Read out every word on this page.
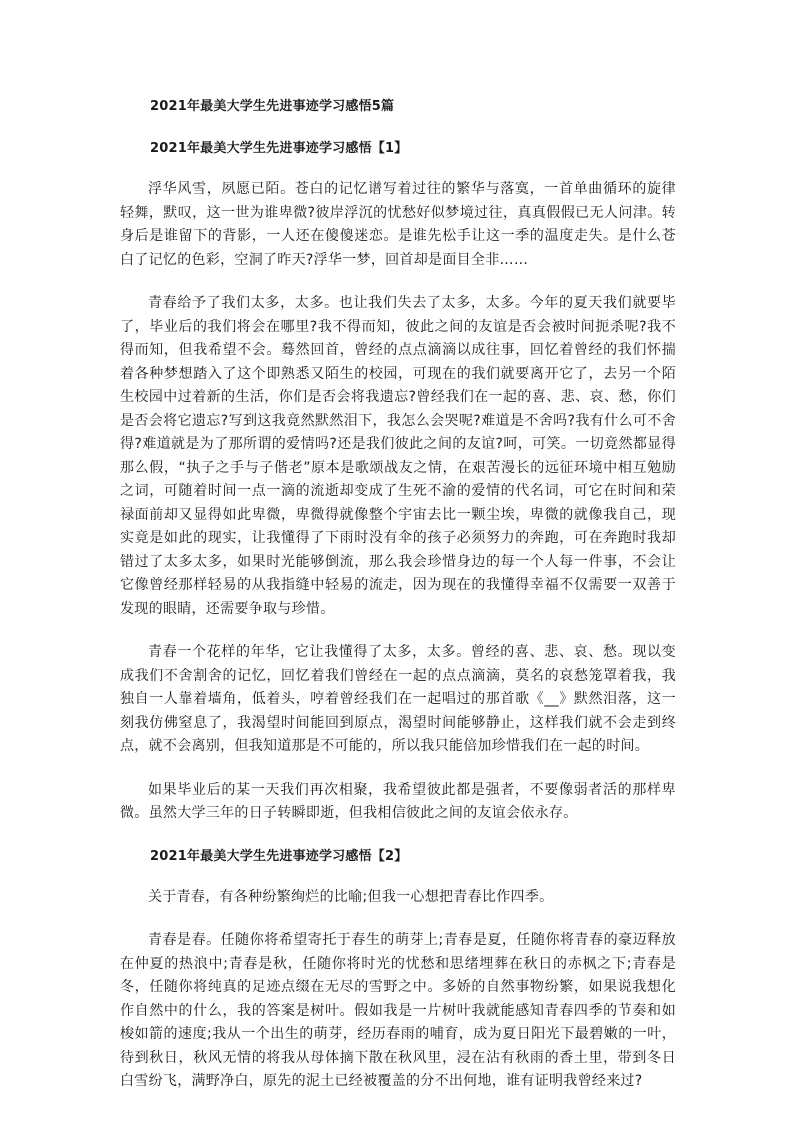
2021年最美大学生先进事迹学习感悟5篇
2021年最美大学生先进事迹学习感悟【1】

浮华风雪，夙愿已陌。苍白的记忆谱写着过往的繁华与落寞，一首单曲循环的旋律轻舞，默叹，这一世为谁卑微?彼岸浮沉的忧愁好似梦境过往，真真假假已无人问津。转身后是谁留下的背影，一人还在傻傻迷恋。是谁先松手让这一季的温度走失。是什么苍白了记忆的色彩，空洞了昨天?浮华一梦，回首却是面目全非……

青春给予了我们太多，太多。也让我们失去了太多，太多。今年的夏天我们就要毕了，毕业后的我们将会在哪里?我不得而知，彼此之间的友谊是否会被时间扼杀呢?我不得而知，但我希望不会。蓦然回首，曾经的点点滴滴以成往事，回忆着曾经的我们怀揣着各种梦想踏入了这个即熟悉又陌生的校园，可现在的我们就要离开它了，去另一个陌生校园中过着新的生活，你们是否会将我遗忘?曾经我们在一起的喜、悲、哀、愁，你们是否会将它遗忘?写到这我竟然默然泪下，我怎么会哭呢?难道是不舍吗?我有什么可不舍得?难道就是为了那所谓的爱情吗?还是我们彼此之间的友谊?呵，可笑。一切竟然都显得那么假，“执子之手与子偕老”原本是歌颂战友之情，在艰苦漫长的远征环境中相互勉励之词，可随着时间一点一滴的流逝却变成了生死不渝的爱情的代名词，可它在时间和荣禄面前却又显得如此卑微，卑微得就像整个宇宙去比一颗尘埃，卑微的就像我自己，现实竟是如此的现实，让我懂得了下雨时没有伞的孩子必须努力的奔跑，可在奔跑时我却错过了太多太多，如果时光能够倒流，那么我会珍惜身边的每一个人每一件事，不会让它像曾经那样轻易的从我指缝中轻易的流走，因为现在的我懂得幸福不仅需要一双善于发现的眼睛，还需要争取与珍惜。

青春一个花样的年华，它让我懂得了太多，太多。曾经的喜、悲、哀、愁。现以变成我们不舍割舍的记忆，回忆着我们曾经在一起的点点滴滴，莫名的哀愁笼罩着我，我独自一人靠着墙角，低着头，哼着曾经我们在一起唱过的那首歌《__》默然泪落，这一刻我仿佛窒息了，我渴望时间能回到原点，渴望时间能够静止，这样我们就不会走到终点，就不会离别，但我知道那是不可能的，所以我只能倍加珍惜我们在一起的时间。

如果毕业后的某一天我们再次相聚，我希望彼此都是强者，不要像弱者活的那样卑微。虽然大学三年的日子转瞬即逝，但我相信彼此之间的友谊会依永存。

2021年最美大学生先进事迹学习感悟【2】

关于青春，有各种纷繁绚烂的比喻;但我一心想把青春比作四季。

青春是春。任随你将希望寄托于春生的萌芽上;青春是夏，任随你将青春的豪迈释放在仲夏的热浪中;青春是秋，任随你将时光的忧愁和思绪埋葬在秋日的赤枫之下;青春是冬，任随你将纯真的足迹点缀在无尽的雪野之中。多娇的自然事物纷繁，如果说我想化作自然中的什么，我的答案是树叶。假如我是一片树叶我就能感知青春四季的节奏和如梭如箭的速度;我从一个出生的萌芽，经历春雨的哺育，成为夏日阳光下最碧嫩的一叶，待到秋日，秋风无情的将我从母体摘下散在秋风里，浸在沾有秋雨的香土里，带到冬日白雪纷飞，满野净白，原先的泥土已经被覆盖的分不出何地，谁有证明我曾经来过?
